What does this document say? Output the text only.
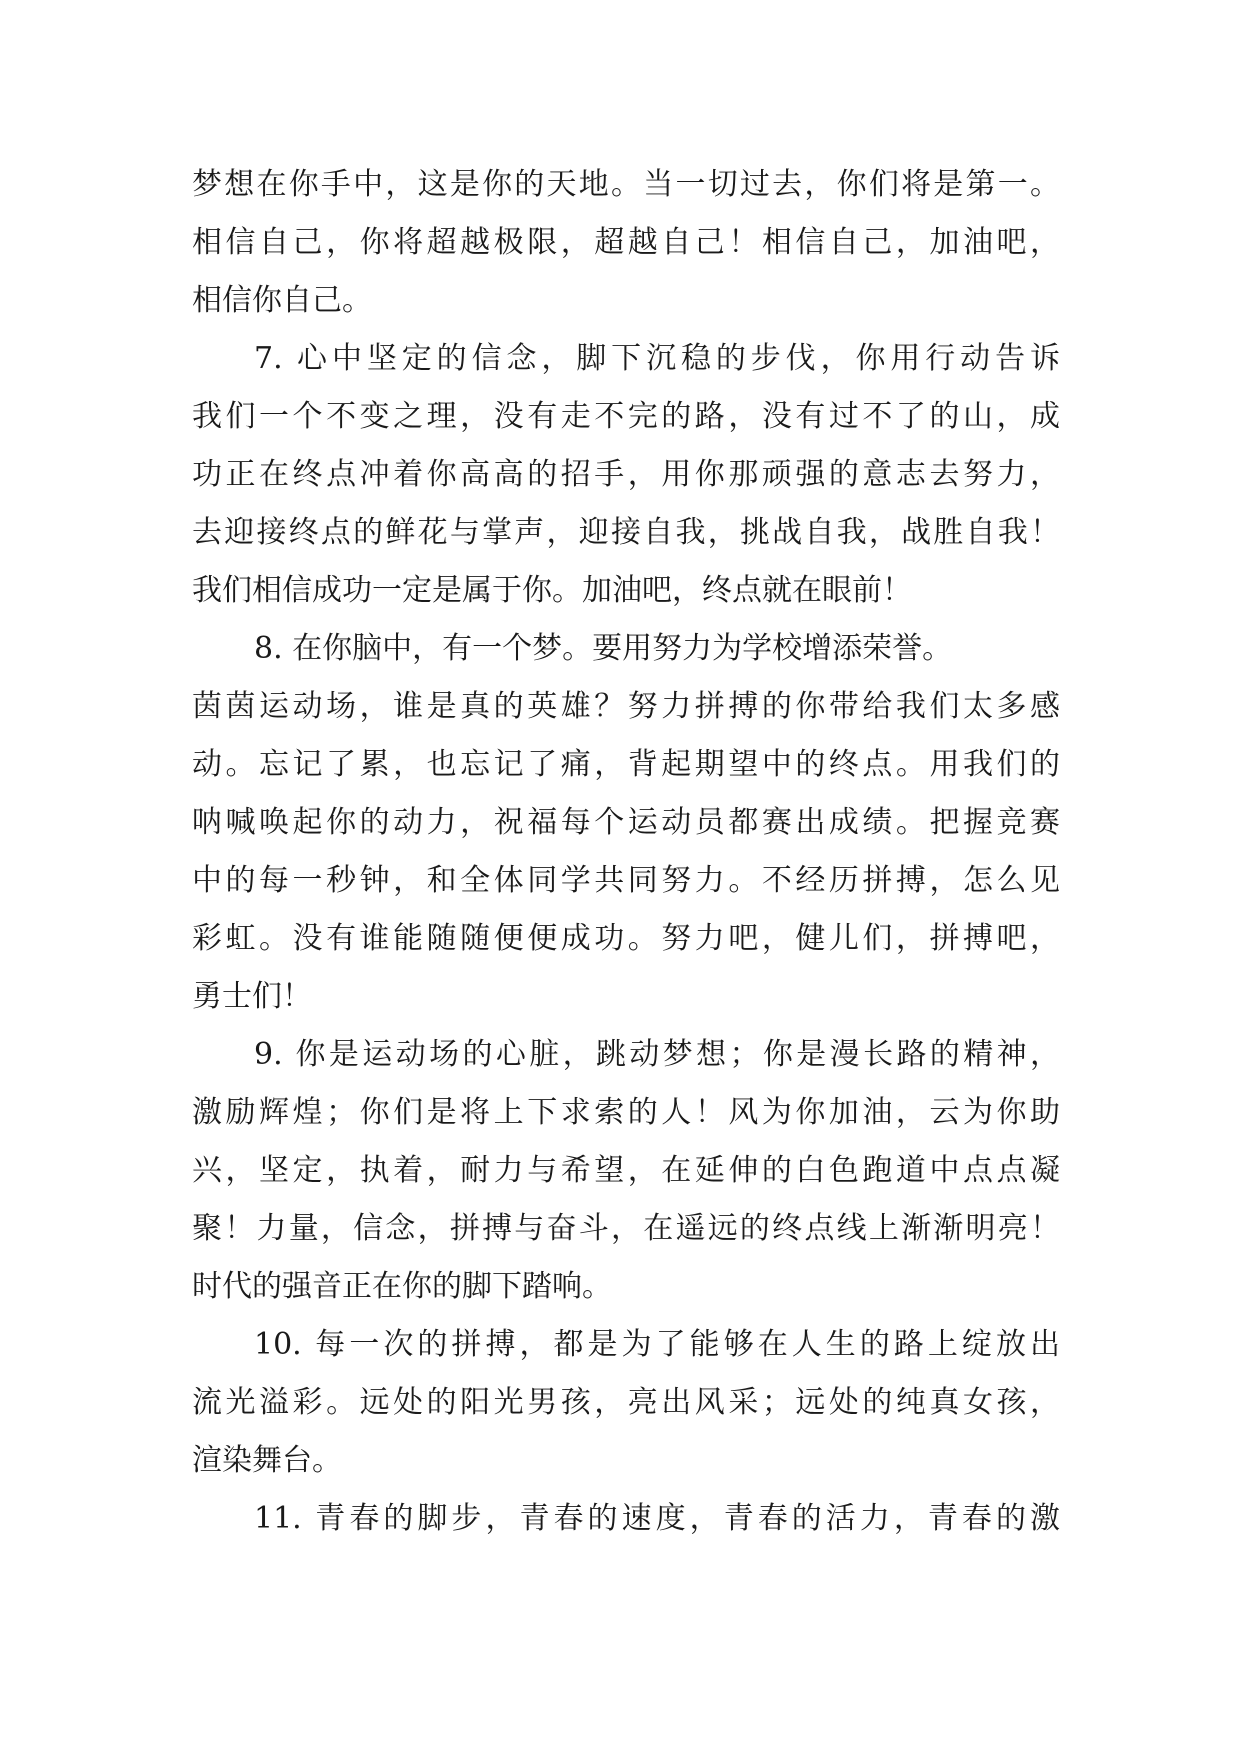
梦想在你手中，这是你的天地。当一切过去，你们将是第一。
相信自己，你将超越极限，超越自己！相信自己，加油吧，
相信你自己。
7. 心中坚定的信念，脚下沉稳的步伐，你用行动告诉
我们一个不变之理，没有走不完的路，没有过不了的山，成
功正在终点冲着你高高的招手，用你那顽强的意志去努力，
去迎接终点的鲜花与掌声，迎接自我，挑战自我，战胜自我！
我们相信成功一定是属于你。加油吧，终点就在眼前！
8. 在你脑中，有一个梦。要用努力为学校增添荣誉。
茵茵运动场，谁是真的英雄？努力拼搏的你带给我们太多感
动。忘记了累，也忘记了痛，背起期望中的终点。用我们的
呐喊唤起你的动力，祝福每个运动员都赛出成绩。把握竞赛
中的每一秒钟，和全体同学共同努力。不经历拼搏，怎么见
彩虹。没有谁能随随便便成功。努力吧，健儿们，拼搏吧，
勇士们！
9. 你是运动场的心脏，跳动梦想；你是漫长路的精神，
激励辉煌；你们是将上下求索的人！风为你加油，云为你助
兴，坚定，执着，耐力与希望，在延伸的白色跑道中点点凝
聚！力量，信念，拼搏与奋斗，在遥远的终点线上渐渐明亮！
时代的强音正在你的脚下踏响。
10. 每一次的拼搏，都是为了能够在人生的路上绽放出
流光溢彩。远处的阳光男孩，亮出风采；远处的纯真女孩，
渲染舞台。
11. 青春的脚步，青春的速度，青春的活力，青春的激
